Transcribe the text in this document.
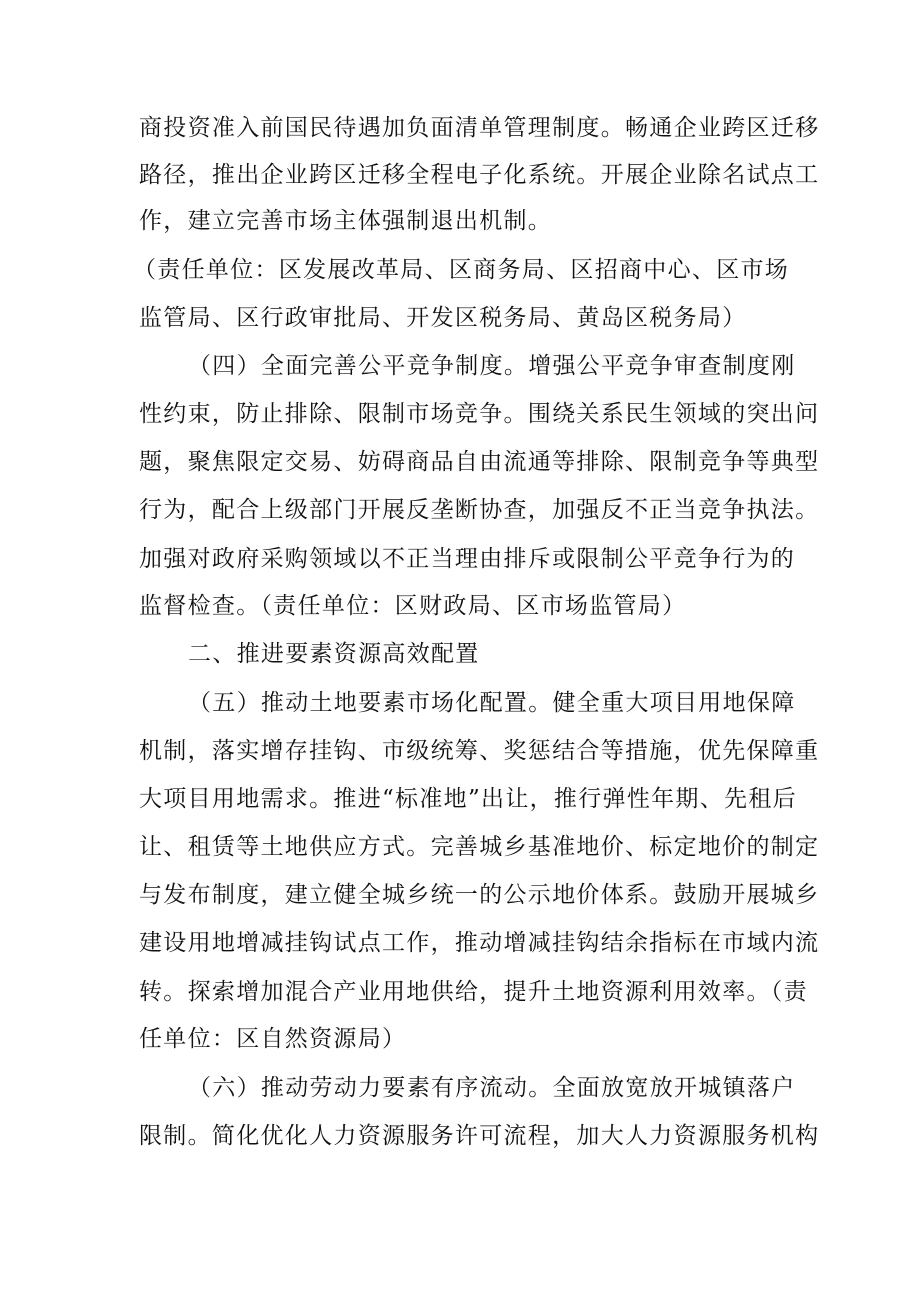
商投资准入前国民待遇加负面清单管理制度。畅通企业跨区迁移
路径，推出企业跨区迁移全程电子化系统。开展企业除名试点工
作，建立完善市场主体强制退出机制。
（责任单位：区发展改革局、区商务局、区招商中心、区市场
监管局、区行政审批局、开发区税务局、黄岛区税务局）
（四）全面完善公平竞争制度。增强公平竞争审查制度刚
性约束，防止排除、限制市场竞争。围绕关系民生领域的突出问
题，聚焦限定交易、妨碍商品自由流通等排除、限制竞争等典型
行为，配合上级部门开展反垄断协查，加强反不正当竞争执法。
加强对政府采购领域以不正当理由排斥或限制公平竞争行为的
监督检查。（责任单位：区财政局、区市场监管局）
二、推进要素资源高效配置
（五）推动土地要素市场化配置。健全重大项目用地保障
机制，落实增存挂钩、市级统筹、奖惩结合等措施，优先保障重
大项目用地需求。推进“标准地”出让，推行弹性年期、先租后
让、租赁等土地供应方式。完善城乡基准地价、标定地价的制定
与发布制度，建立健全城乡统一的公示地价体系。鼓励开展城乡
建设用地增减挂钩试点工作，推动增减挂钩结余指标在市域内流
转。探索增加混合产业用地供给，提升土地资源利用效率。（责
任单位：区自然资源局）
（六）推动劳动力要素有序流动。全面放宽放开城镇落户
限制。简化优化人力资源服务许可流程，加大人力资源服务机构
